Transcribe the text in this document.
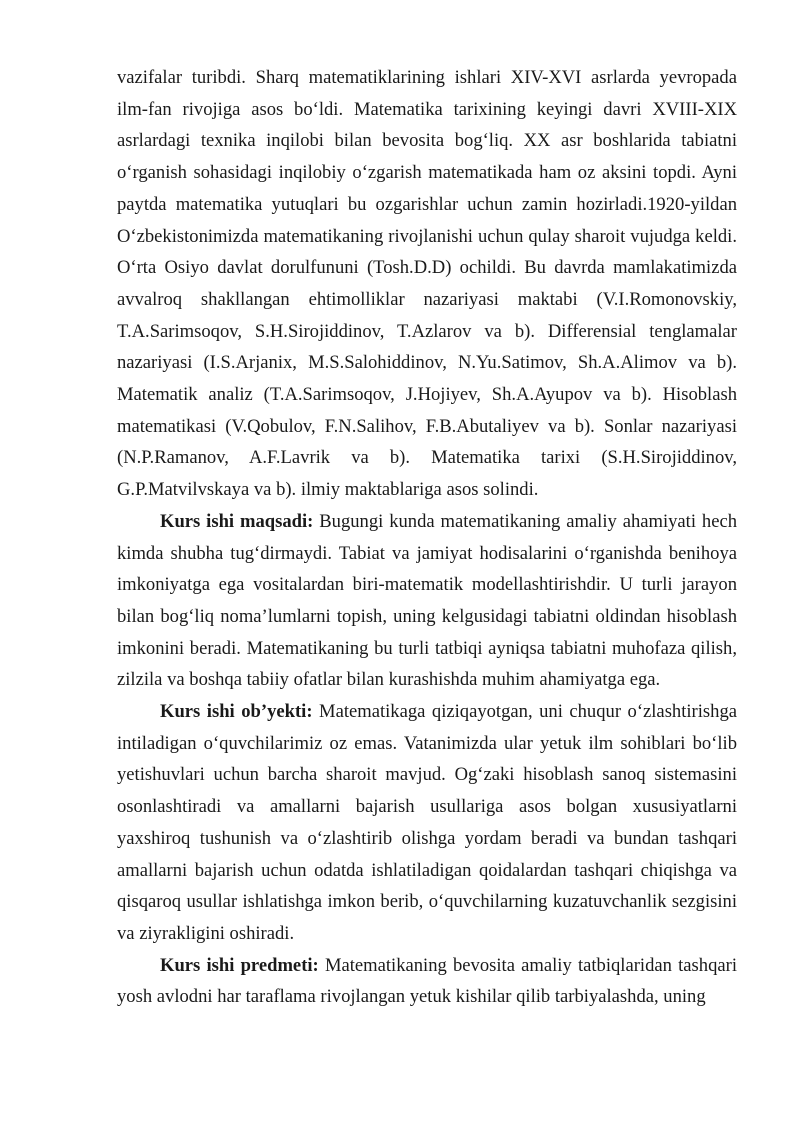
vazifalar turibdi. Sharq matematiklarining ishlari XIV-XVI asrlarda yevropada ilm-fan rivojiga asos bo‘ldi. Matematika tarixining keyingi davri XVIII-XIX asrlardagi texnika inqilobi bilan bevosita bog‘liq. XX asr boshlarida tabiatni o‘rganish sohasidagi inqilobiy o‘zgarish matematikada ham oz aksini topdi. Ayni paytda matematika yutuqlari bu ozgarishlar uchun zamin hozirladi.1920-yildan O‘zbekistonimizda matematikaning rivojlanishi uchun qulay sharoit vujudga keldi. O‘rta Osiyo davlat dorulfununi (Tosh.D.D) ochildi. Bu davrda mamlakatimizda avvalroq shakllangan ehtimolliklar nazariyasi maktabi (V.I.Romonovskiy, T.A.Sarimsoqov, S.H.Sirojiddinov, T.Azlarov va b). Differensial tenglamalar nazariyasi (I.S.Arjanix, M.S.Salohiddinov, N.Yu.Satimov, Sh.A.Alimov va b). Matematik analiz (T.A.Sarimsoqov, J.Hojiyev, Sh.A.Ayupov va b). Hisoblash matematikasi (V.Qobulov, F.N.Salihov, F.B.Abutaliyev va b). Sonlar nazariyasi (N.P.Ramanov, A.F.Lavrik va b). Matematika tarixi (S.H.Sirojiddinov, G.P.Matvilvskaya va b). ilmiy maktablariga asos solindi.

Kurs ishi maqsadi: Bugungi kunda matematikaning amaliy ahamiyati hech kimda shubha tug‘dirmaydi. Tabiat va jamiyat hodisalarini o‘rganishda benihoya imkoniyatga ega vositalardan biri-matematik modellashtirishdir. U turli jarayon bilan bog‘liq noma’lumlarni topish, uning kelgusidagi tabiatni oldindan hisoblash imkonini beradi. Matematikaning bu turli tatbiqi ayniqsa tabiatni muhofaza qilish, zilzila va boshqa tabiiy ofatlar bilan kurashishda muhim ahamiyatga ega.

Kurs ishi ob’yekti: Matematikaga qiziqayotgan, uni chuqur o‘zlashtirishga intiladigan o‘quvchilarimiz oz emas. Vatanimizda ular yetuk ilm sohiblari bo‘lib yetishuvlari uchun barcha sharoit mavjud. Og‘zaki hisoblash sanoq sistemasini osonlashtiradi va amallarni bajarish usullariga asos bolgan xususiyatlarni yaxshiroq tushunish va o‘zlashtirib olishga yordam beradi va bundan tashqari amallarni bajarish uchun odatda ishlatiladigan qoidalardan tashqari chiqishga va qisqaroq usullar ishlatishga imkon berib, o‘quvchilarning kuzatuvchanlik sezgisini va ziyrakligini oshiradi.

Kurs ishi predmeti: Matematikaning bevosita amaliy tatbiqlaridan tashqari yosh avlodni har taraflama rivojlangan yetuk kishilar qilib tarbiyalashda, uning
